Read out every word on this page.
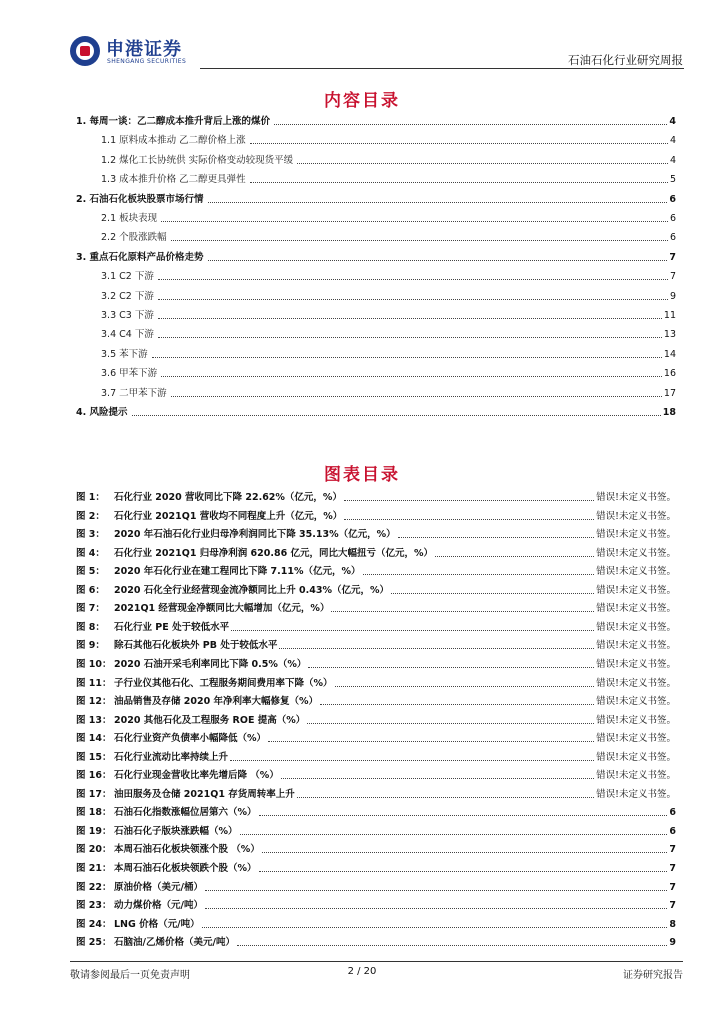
申港证券
SHENGANG SECURITIES	石油石化行业研究周报
内容目录
1. 每周一谈：乙二醇成本推升背后上涨的煤价	4
1.1 原料成本推动 乙二醇价格上涨	4
1.2 煤化工长协统供 实际价格变动较现货平缓	4
1.3 成本推升价格 乙二醇更具弹性	5
2. 石油石化板块股票市场行情	6
2.1 板块表现	6
2.2 个股涨跌幅	6
3. 重点石化原料产品价格走势	7
3.1 C2 下游	7
3.2 C2 下游	9
3.3 C3 下游	11
3.4 C4 下游	13
3.5 苯下游	14
3.6 甲苯下游	16
3.7 二甲苯下游	17
4. 风险提示	18
图表目录
图 1： 石化行业 2020 营收同比下降 22.62%（亿元，%）	错误!未定义书签。
图 2： 石化行业 2021Q1 营收均不同程度上升（亿元，%）	错误!未定义书签。
图 3： 2020 年石油石化行业归母净利润同比下降 35.13%（亿元，%）	错误!未定义书签。
图 4： 石化行业 2021Q1 归母净利润 620.86 亿元，同比大幅扭亏（亿元，%）	错误!未定义书签。
图 5： 2020 年石化行业在建工程同比下降 7.11%（亿元，%）	错误!未定义书签。
图 6： 2020 石化全行业经营现金流净额同比上升 0.43%（亿元，%）	错误!未定义书签。
图 7： 2021Q1 经营现金净额同比大幅增加（亿元，%）	错误!未定义书签。
图 8： 石化行业 PE 处于较低水平	错误!未定义书签。
图 9： 除石其他石化板块外 PB 处于较低水平	错误!未定义书签。
图 10： 2020 石油开采毛利率同比下降 0.5%（%）	错误!未定义书签。
图 11： 子行业仪其他石化、工程服务期间费用率下降（%）	错误!未定义书签。
图 12： 油品销售及存储 2020 年净利率大幅修复（%）	错误!未定义书签。
图 13： 2020 其他石化及工程服务 ROE 提高（%）	错误!未定义书签。
图 14： 石化行业资产负债率小幅降低（%）	错误!未定义书签。
图 15： 石化行业流动比率持续上升	错误!未定义书签。
图 16： 石化行业现金营收比率先增后降 （%）	错误!未定义书签。
图 17： 油田服务及仓储 2021Q1 存货周转率上升	错误!未定义书签。
图 18： 石油石化指数涨幅位居第六（%）	6
图 19： 石油石化子版块涨跌幅（%）	6
图 20： 本周石油石化板块领涨个股 （%）	7
图 21： 本周石油石化板块领跌个股（%）	7
图 22： 原油价格（美元/桶）	7
图 23： 动力煤价格（元/吨）	7
图 24： LNG 价格（元/吨）	8
图 25： 石脑油/乙烯价格（美元/吨）	9
敬请参阅最后一页免责声明	2 / 20	证券研究报告
